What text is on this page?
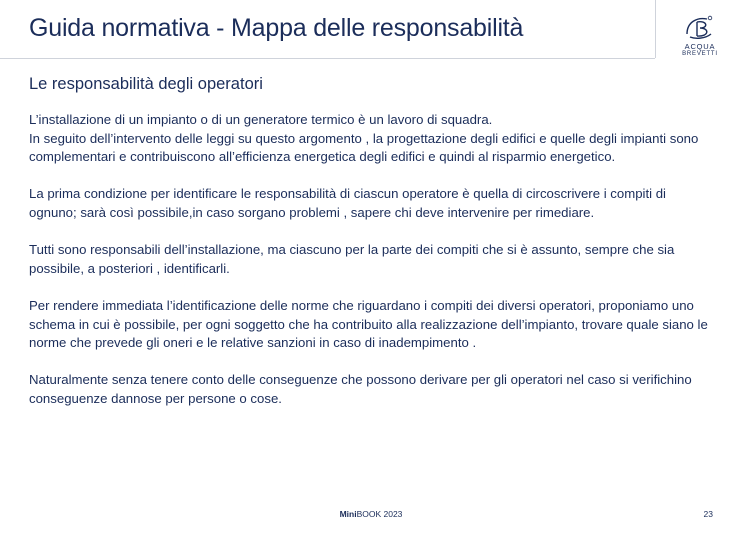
Guida normativa - Mappa delle responsabilità
ACQUA
BREVETTI
Le responsabilità degli operatori

L’installazione di un impianto o di un generatore termico è un lavoro di squadra.
In seguito dell’intervento delle leggi su questo argomento , la progettazione degli edifici e quelle degli impianti sono complementari e contribuiscono all’efficienza energetica degli edifici e quindi al risparmio energetico.

La prima condizione per identificare le responsabilità di ciascun operatore è quella di circoscrivere i compiti di ognuno; sarà così possibile,in caso sorgano problemi , sapere chi deve intervenire per rimediare.

Tutti sono responsabili dell’installazione, ma ciascuno per la parte dei compiti che si è assunto, sempre che sia possibile, a posteriori , identificarli.

Per rendere immediata l’identificazione delle norme che riguardano i compiti dei diversi operatori, proponiamo uno schema in cui è possibile, per ogni soggetto che ha contribuito alla realizzazione dell’impianto, trovare quale siano le norme che prevede gli oneri e le relative sanzioni in caso di inadempimento .

Naturalmente senza tenere conto delle conseguenze che possono derivare per gli operatori nel caso si verifichino conseguenze dannose per persone o cose.

MiniBOOK 2023	23
